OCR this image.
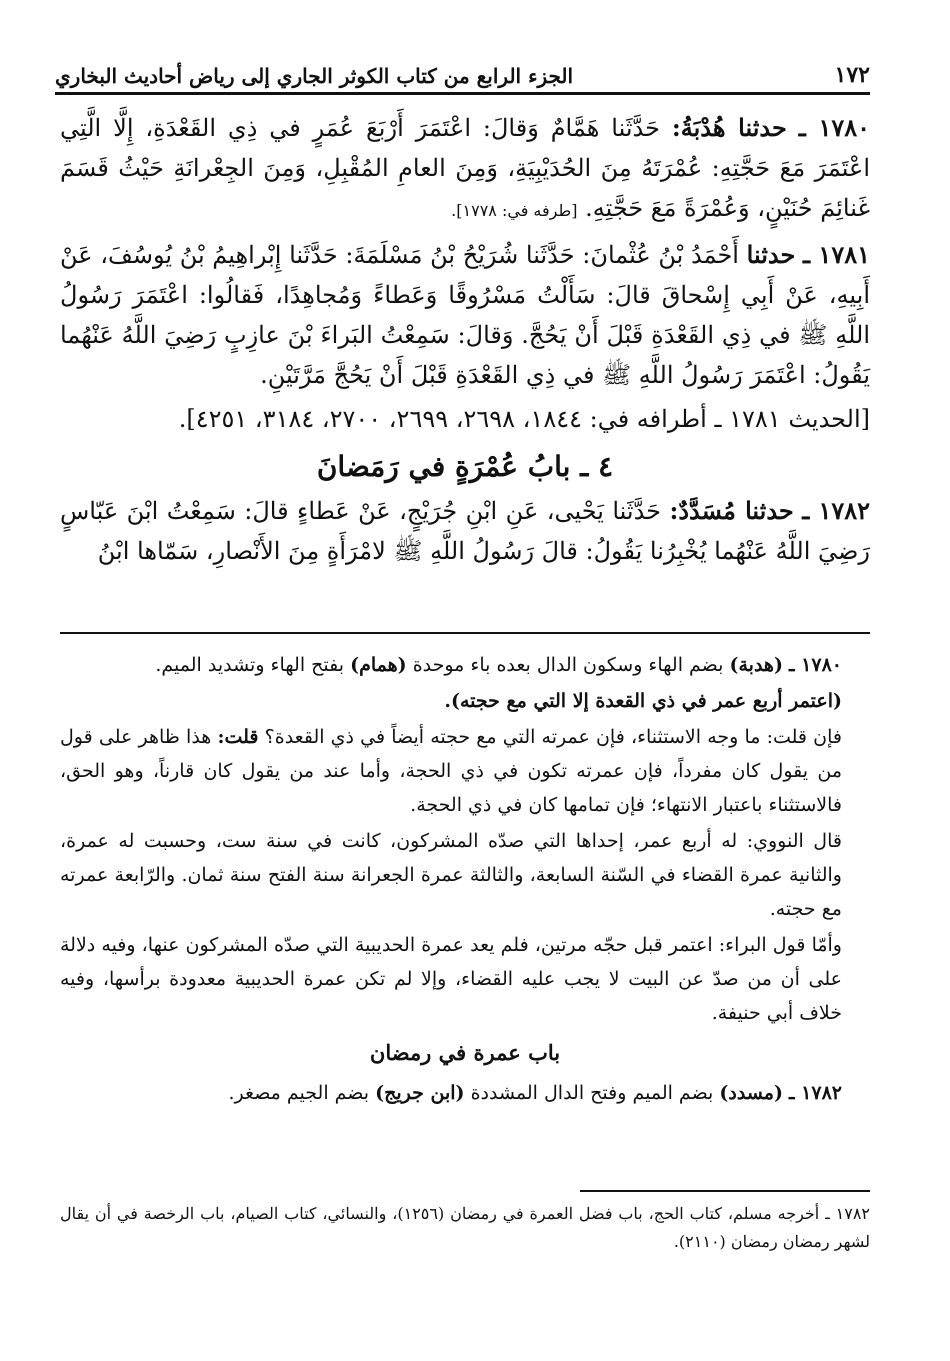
١٧٢
الجزء الرابع من كتاب الكوثر الجاري إلى رياض أحاديث البخاري

١٧٨٠ ـ حدثنا هُدْبَةُ: حَدَّثَنا هَمَّامٌ وَقالَ: اعْتَمَرَ أَرْبَعَ عُمَرٍ في ذِي القَعْدَةِ، إِلَّا الَّتِي اعْتَمَرَ مَعَ حَجَّتِهِ: عُمْرَتَهُ مِنَ الحُدَيْبِيَةِ، وَمِنَ العامِ المُقْبِلِ، وَمِنَ الجِعْرانَةِ حَيْثُ قَسَمَ غَنائِمَ حُنَيْنٍ، وَعُمْرَةً مَعَ حَجَّتِهِ. [طرفه في: ١٧٧٨].

١٧٨١ ـ حدثنا أَحْمَدُ بْنُ عُثْمانَ: حَدَّثَنا شُرَيْحُ بْنُ مَسْلَمَةَ: حَدَّثَنا إِبْراهِيمُ بْنُ يُوسُفَ، عَنْ أَبِيهِ، عَنْ أَبِي إِسْحاقَ قالَ: سَأَلْتُ مَسْرُوقًا وَعَطاءً وَمُجاهِدًا، فَقالُوا: اعْتَمَرَ رَسُولُ اللَّهِ ﷺ في ذِي القَعْدَةِ قَبْلَ أَنْ يَحُجَّ. وَقالَ: سَمِعْتُ البَراءَ بْنَ عازِبٍ رَضِيَ اللَّهُ عَنْهُما يَقُولُ: اعْتَمَرَ رَسُولُ اللَّهِ ﷺ في ذِي القَعْدَةِ قَبْلَ أَنْ يَحُجَّ مَرَّتَيْنِ.

[الحديث ١٧٨١ ـ أطرافه في: ١٨٤٤، ٢٦٩٨، ٢٦٩٩، ٢٧٠٠، ٣١٨٤، ٤٢٥١].

٤ ـ بابُ عُمْرَةٍ في رَمَضانَ

١٧٨٢ ـ حدثنا مُسَدَّدٌ: حَدَّثَنا يَحْيى، عَنِ ابْنِ جُرَيْجٍ، عَنْ عَطاءٍ قالَ: سَمِعْتُ ابْنَ عَبّاسٍ رَضِيَ اللَّهُ عَنْهُما يُخْبِرُنا يَقُولُ: قالَ رَسُولُ اللَّهِ ﷺ لامْرَأَةٍ مِنَ الأَنْصارِ، سَمّاها ابْنُ

١٧٨٠ ـ (هدبة) بضم الهاء وسكون الدال بعده باء موحدة (همام) بفتح الهاء وتشديد الميم.

(اعتمر أربع عمر في ذي القعدة إلا التي مع حجته).

فإن قلت: ما وجه الاستثناء، فإن عمرته التي مع حجته أيضاً في ذي القعدة؟ قلت: هذا ظاهر على قول من يقول كان مفرداً، فإن عمرته تكون في ذي الحجة، وأما عند من يقول كان قارناً، وهو الحق، فالاستثناء باعتبار الانتهاء؛ فإن تمامها كان في ذي الحجة.

قال النووي: له أربع عمر، إحداها التي صدّه المشركون، كانت في سنة ست، وحسبت له عمرة، والثانية عمرة القضاء في السّنة السابعة، والثالثة عمرة الجعرانة سنة الفتح سنة ثمان. والرّابعة عمرته مع حجته.

وأمّا قول البراء: اعتمر قبل حجّه مرتين، فلم يعد عمرة الحديبية التي صدّه المشركون عنها، وفيه دلالة على أن من صدّ عن البيت لا يجب عليه القضاء، وإلا لم تكن عمرة الحديبية معدودة برأسها، وفيه خلاف أبي حنيفة.

باب عمرة في رمضان

١٧٨٢ ـ (مسدد) بضم الميم وفتح الدال المشددة (ابن جريج) بضم الجيم مصغر.

١٧٨٢ ـ أخرجه مسلم، كتاب الحج، باب فضل العمرة في رمضان (١٢٥٦)، والنسائي، كتاب الصيام، باب الرخصة في أن يقال لشهر رمضان رمضان (٢١١٠).
